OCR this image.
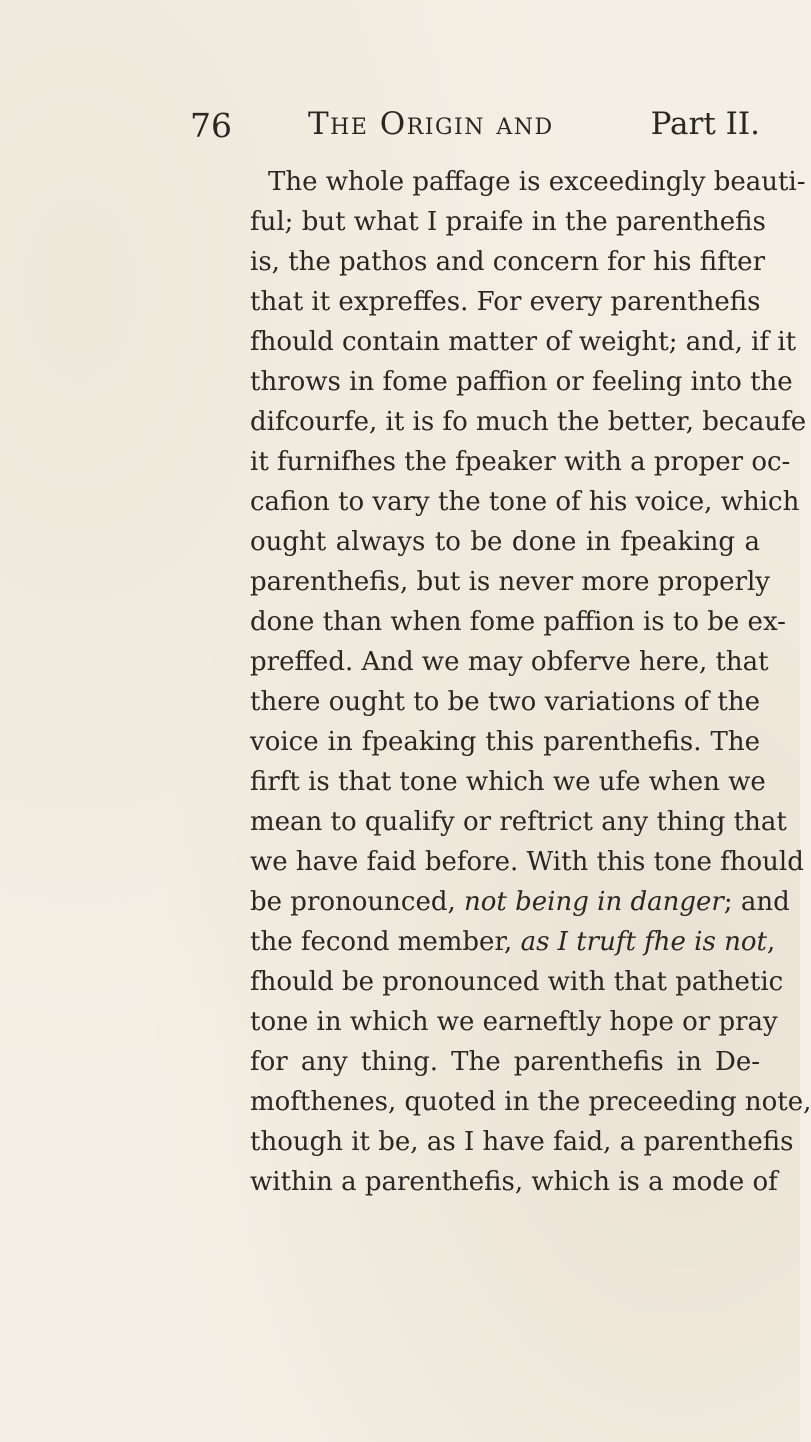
76 The Origin and	Part II.
The whole paffage is exceedingly beauti-
ful; but what I praife in the parenthefis
is, the pathos and concern for his fifter
that it expreffes. For every parenthefis
fhould contain matter of weight; and, if it
throws in fome paffion or feeling into the
difcourfe, it is fo much the better, becaufe
it furnifhes the fpeaker with a proper oc-
cafion to vary the tone of his voice, which
ought always to be done in fpeaking a
parenthefis, but is never more properly
done than when fome paffion is to be ex-
preffed. And we may obferve here, that
there ought to be two variations of the
voice in fpeaking this parenthefis. The
firft is that tone which we ufe when we
mean to qualify or reftrict any thing that
we have faid before. With this tone fhould
be pronounced, not being in danger; and
the fecond member, as I truft fhe is not,
fhould be pronounced with that pathetic
tone in which we earneftly hope or pray
for any thing. The parenthefis in De-
mofthenes, quoted in the preceeding note,
though it be, as I have faid, a parenthefis
within a parenthefis, which is a mode of
